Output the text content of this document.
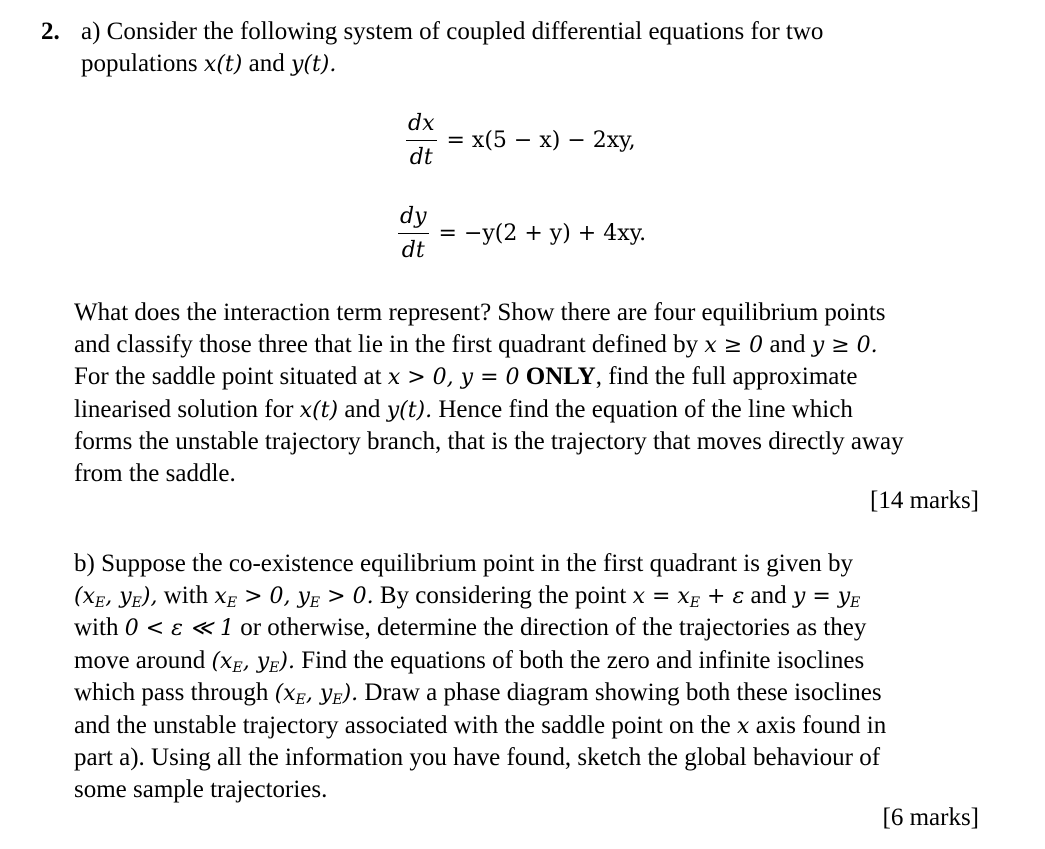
2. a) Consider the following system of coupled differential equations for two
populations x(t) and y(t).
$\frac{dx}{dt} = x(5 - x) - 2xy$,
$\frac{dy}{dt} = -y(2 + y) + 4xy$.
What does the interaction term represent? Show there are four equilibrium points
and classify those three that lie in the first quadrant defined by x ≥ 0 and y ≥ 0.
For the saddle point situated at x > 0, y = 0 ONLY, find the full approximate
linearised solution for x(t) and y(t). Hence find the equation of the line which
forms the unstable trajectory branch, that is the trajectory that moves directly away
from the saddle.
[14 marks]
b) Suppose the co-existence equilibrium point in the first quadrant is given by
($x_E$, $y_E$), with $x_E > 0$, $y_E > 0$. By considering the point $x = x_E + \varepsilon$ and $y = y_E$
with 0 < ε ≪ 1 or otherwise, determine the direction of the trajectories as they
move around ($x_E$, $y_E$). Find the equations of both the zero and infinite isoclines
which pass through ($x_E$, $y_E$). Draw a phase diagram showing both these isoclines
and the unstable trajectory associated with the saddle point on the x axis found in
part a). Using all the information you have found, sketch the global behaviour of
some sample trajectories.
[6 marks]
